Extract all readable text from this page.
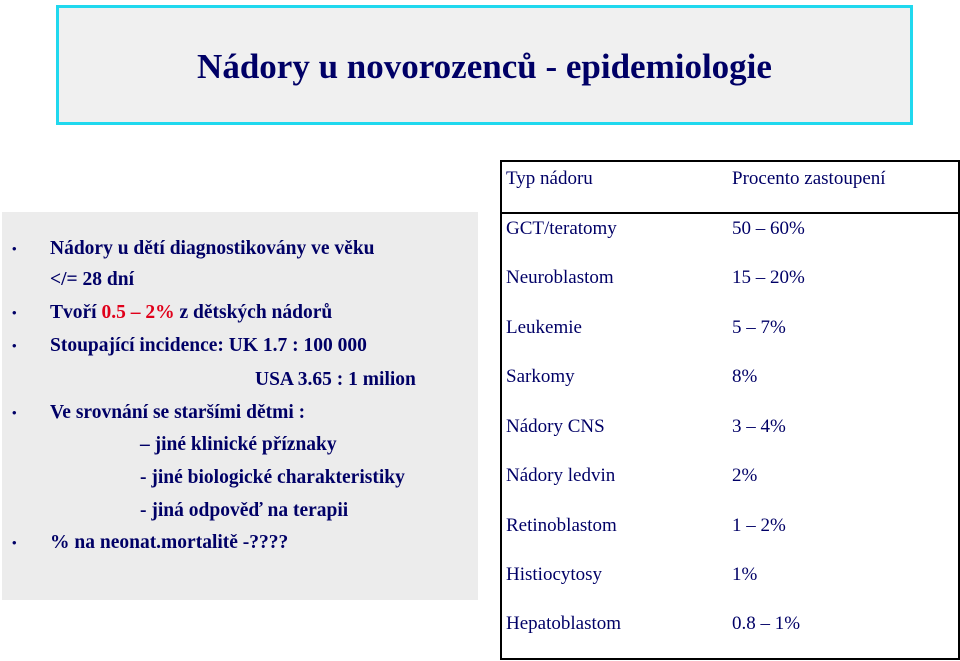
Nádory u novorozenců - epidemiologie
• Nádory u dětí diagnostikovány ve věku
</= 28 dní
• Tvoří 0.5 – 2% z dětských nádorů
• Stoupající incidence: UK 1.7 : 100 000
USA 3.65 : 1 milion
• Ve srovnání se staršími dětmi :
– jiné klinické příznaky
- jiné biologické charakteristiky
- jiná odpověď na terapii
• % na neonat.mortalitě -????
Typ nádoru	Procento zastoupení
GCT/teratomy	50 – 60%
Neuroblastom	15 – 20%
Leukemie	5 – 7%
Sarkomy	8%
Nádory CNS	3 – 4%
Nádory ledvin	2%
Retinoblastom	1 – 2%
Histiocytosy	1%
Hepatoblastom	0.8 – 1%
